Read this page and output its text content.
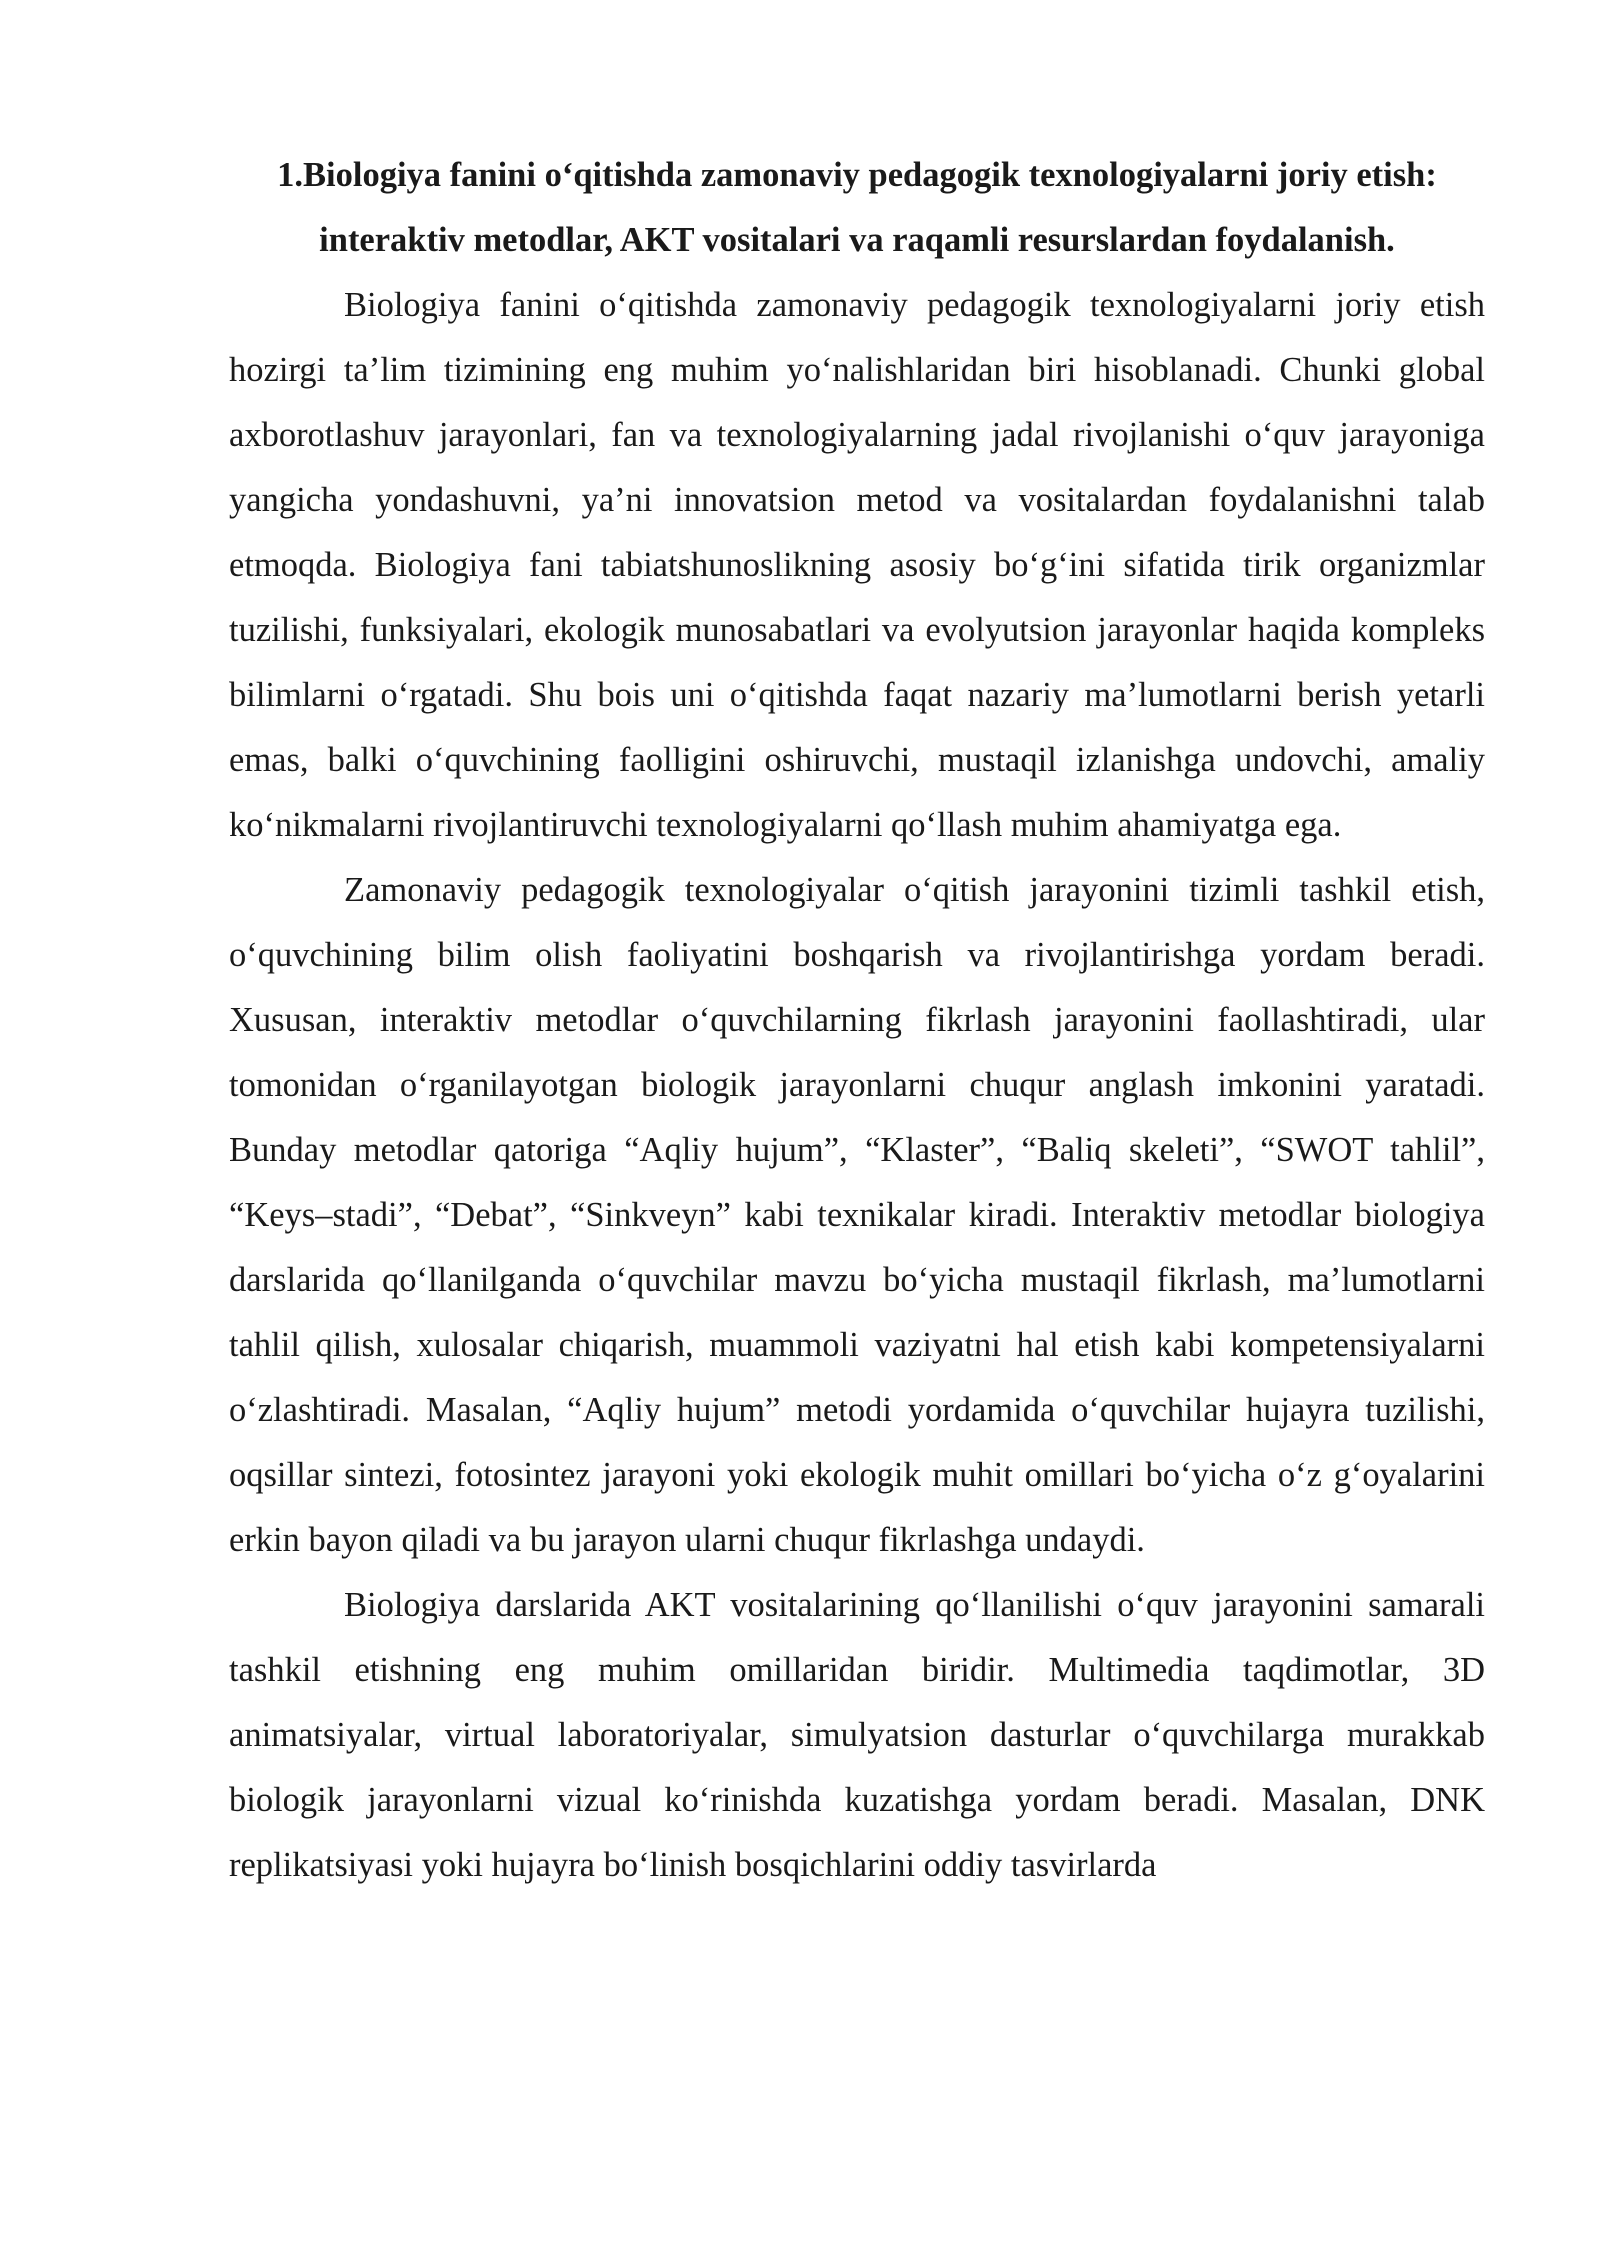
1.Biologiya fanini o‘qitishda zamonaviy pedagogik texnologiyalarni joriy etish: interaktiv metodlar, AKT vositalari va raqamli resurslardan foydalanish.

Biologiya fanini o‘qitishda zamonaviy pedagogik texnologiyalarni joriy etish hozirgi ta’lim tizimining eng muhim yo‘nalishlaridan biri hisoblanadi. Chunki global axborotlashuv jarayonlari, fan va texnologiyalarning jadal rivojlanishi o‘quv jarayoniga yangicha yondashuvni, ya’ni innovatsion metod va vositalardan foydalanishni talab etmoqda. Biologiya fani tabiatshunoslikning asosiy bo‘g‘ini sifatida tirik organizmlar tuzilishi, funksiyalari, ekologik munosabatlari va evolyutsion jarayonlar haqida kompleks bilimlarni o‘rgatadi. Shu bois uni o‘qitishda faqat nazariy ma’lumotlarni berish yetarli emas, balki o‘quvchining faolligini oshiruvchi, mustaqil izlanishga undovchi, amaliy ko‘nikmalarni rivojlantiruvchi texnologiyalarni qo‘llash muhim ahamiyatga ega.

Zamonaviy pedagogik texnologiyalar o‘qitish jarayonini tizimli tashkil etish, o‘quvchining bilim olish faoliyatini boshqarish va rivojlantirishga yordam beradi. Xususan, interaktiv metodlar o‘quvchilarning fikrlash jarayonini faollashtiradi, ular tomonidan o‘rganilayotgan biologik jarayonlarni chuqur anglash imkonini yaratadi. Bunday metodlar qatoriga “Aqliy hujum”, “Klaster”, “Baliq skeleti”, “SWOT tahlil”, “Keys–stadi”, “Debat”, “Sinkveyn” kabi texnikalar kiradi. Interaktiv metodlar biologiya darslarida qo‘llanilganda o‘quvchilar mavzu bo‘yicha mustaqil fikrlash, ma’lumotlarni tahlil qilish, xulosalar chiqarish, muammoli vaziyatni hal etish kabi kompetensiyalarni o‘zlashtiradi. Masalan, “Aqliy hujum” metodi yordamida o‘quvchilar hujayra tuzilishi, oqsillar sintezi, fotosintez jarayoni yoki ekologik muhit omillari bo‘yicha o‘z g‘oyalarini erkin bayon qiladi va bu jarayon ularni chuqur fikrlashga undaydi.

Biologiya darslarida AKT vositalarining qo‘llanilishi o‘quv jarayonini samarali tashkil etishning eng muhim omillaridan biridir. Multimedia taqdimotlar, 3D animatsiyalar, virtual laboratoriyalar, simulyatsion dasturlar o‘quvchilarga murakkab biologik jarayonlarni vizual ko‘rinishda kuzatishga yordam beradi. Masalan, DNK replikatsiyasi yoki hujayra bo‘linish bosqichlarini oddiy tasvirlarda
